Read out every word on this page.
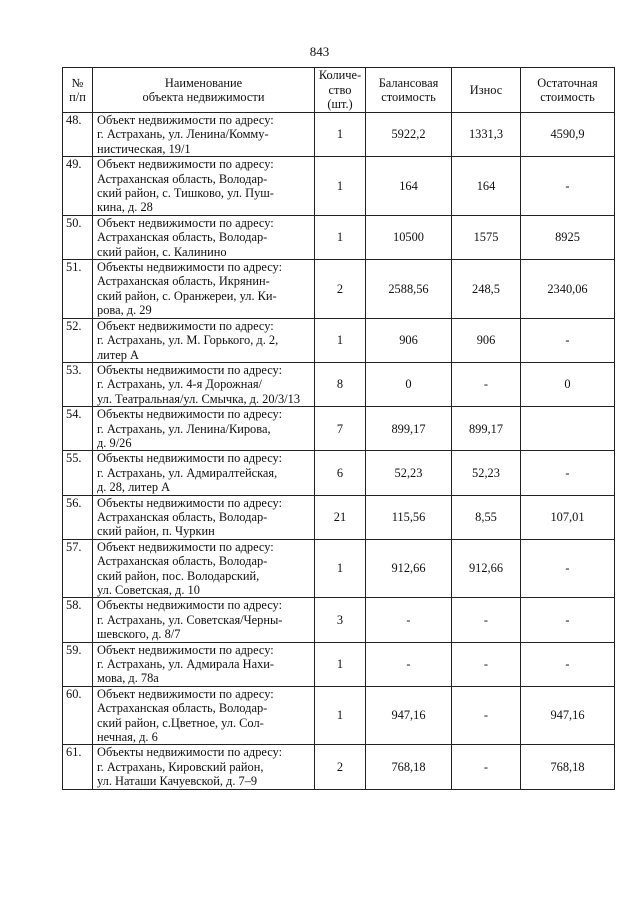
843
№
п/п	Наименование
объекта недвижимости	Количе-
ство
(шт.)	Балансовая
стоимость	Износ	Остаточная
стоимость
48.	Объект недвижимости по адресу:
г. Астрахань, ул. Ленина/Комму-
нистическая, 19/1	1	5922,2	1331,3	4590,9
49.	Объект недвижимости по адресу:
Астраханская область, Володар-
ский район, с. Тишково, ул. Пуш-
кина, д. 28	1	164	164	-
50.	Объект недвижимости по адресу:
Астраханская область, Володар-
ский район, с. Калинино	1	10500	1575	8925
51.	Объекты недвижимости по адресу:
Астраханская область, Икрянин-
ский район, с. Оранжереи, ул. Ки-
рова, д. 29	2	2588,56	248,5	2340,06
52.	Объект недвижимости по адресу:
г. Астрахань, ул. М. Горького, д. 2,
литер А	1	906	906	-
53.	Объекты недвижимости по адресу:
г. Астрахань, ул. 4-я Дорожная/
ул. Театральная/ул. Смычка, д. 20/3/13	8	0	-	0
54.	Объекты недвижимости по адресу:
г. Астрахань, ул. Ленина/Кирова,
д. 9/26	7	899,17	899,17	
55.	Объекты недвижимости по адресу:
г. Астрахань, ул. Адмиралтейская,
д. 28, литер А	6	52,23	52,23	-
56.	Объекты недвижимости по адресу:
Астраханская область, Володар-
ский район, п. Чуркин	21	115,56	8,55	107,01
57.	Объект недвижимости по адресу:
Астраханская область, Володар-
ский район, пос. Володарский,
ул. Советская, д. 10	1	912,66	912,66	-
58.	Объекты недвижимости по адресу:
г. Астрахань, ул. Советская/Черны-
шевского, д. 8/7	3	-	-	-
59.	Объект недвижимости по адресу:
г. Астрахань, ул. Адмирала Нахи-
мова, д. 78а	1	-	-	-
60.	Объект недвижимости по адресу:
Астраханская область, Володар-
ский район, с.Цветное, ул. Сол-
нечная, д. 6	1	947,16	-	947,16
61.	Объекты недвижимости по адресу:
г. Астрахань, Кировский район,
ул. Наташи Качуевской, д. 7–9	2	768,18	-	768,18
